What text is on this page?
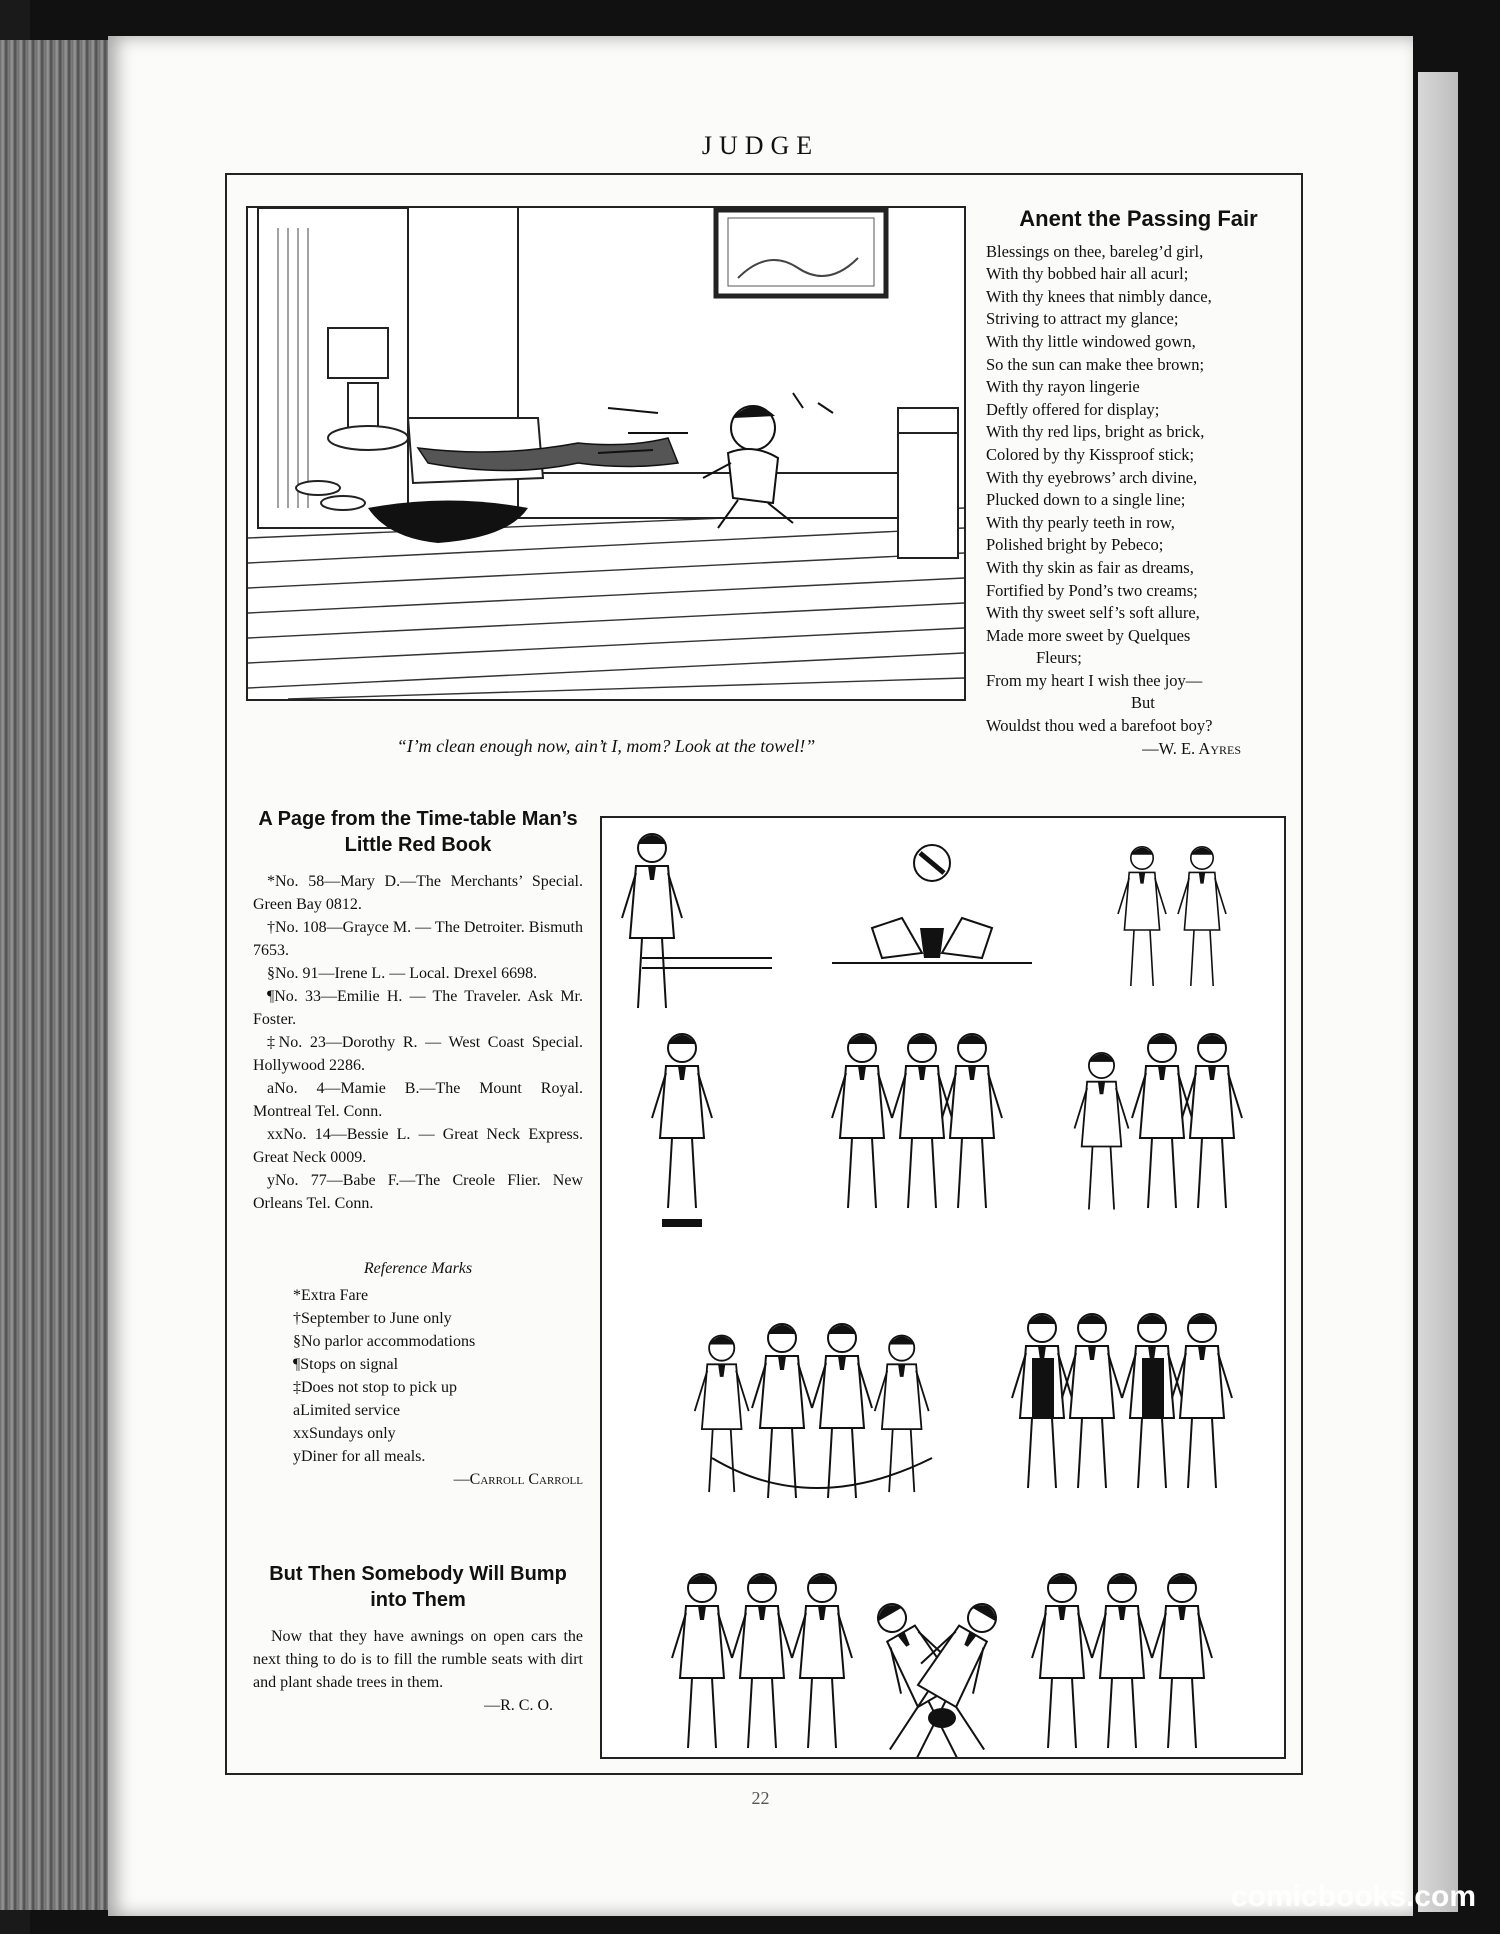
JUDGE
“I’m clean enough now, ain’t I, mom? Look at the towel!”
Anent the Passing Fair
Blessings on thee, bareleg’d girl,
With thy bobbed hair all acurl;
With thy knees that nimbly dance,
Striving to attract my glance;
With thy little windowed gown,
So the sun can make thee brown;
With thy rayon lingerie
Deftly offered for display;
With thy red lips, bright as brick,
Colored by thy Kissproof stick;
With thy eyebrows’ arch divine,
Plucked down to a single line;
With thy pearly teeth in row,
Polished bright by Pebeco;
With thy skin as fair as dreams,
Fortified by Pond’s two creams;
With thy sweet self’s soft allure,
Made more sweet by Quelques
Fleurs;
From my heart I wish thee joy—
But
Wouldst thou wed a barefoot boy?
—W. E. Ayres
A Page from the Time-table Man’s Little Red Book

*No. 58—Mary D.—The Merchants’ Special. Green Bay 0812.

†No. 108—Grayce M. — The Detroiter. Bismuth 7653.

§No. 91—Irene L. — Local. Drexel 6698.

¶No. 33—Emilie H. — The Traveler. Ask Mr. Foster.

‡No. 23—Dorothy R. — West Coast Special. Hollywood 2286.

aNo. 4—Mamie B.—The Mount Royal. Montreal Tel. Conn.

xxNo. 14—Bessie L. — Great Neck Express. Great Neck 0009.

yNo. 77—Babe F.—The Creole Flier. New Orleans Tel. Conn.

Reference Marks

*Extra Fare

†September to June only

§No parlor accommodations

¶Stops on signal

‡Does not stop to pick up

aLimited service

xxSundays only

yDiner for all meals.

—Carroll Carroll
But Then Somebody Will Bump into Them

Now that they have awnings on open cars the next thing to do is to fill the rumble seats with dirt and plant shade trees in them.

—R. C. O.
22
comicbooks.com
